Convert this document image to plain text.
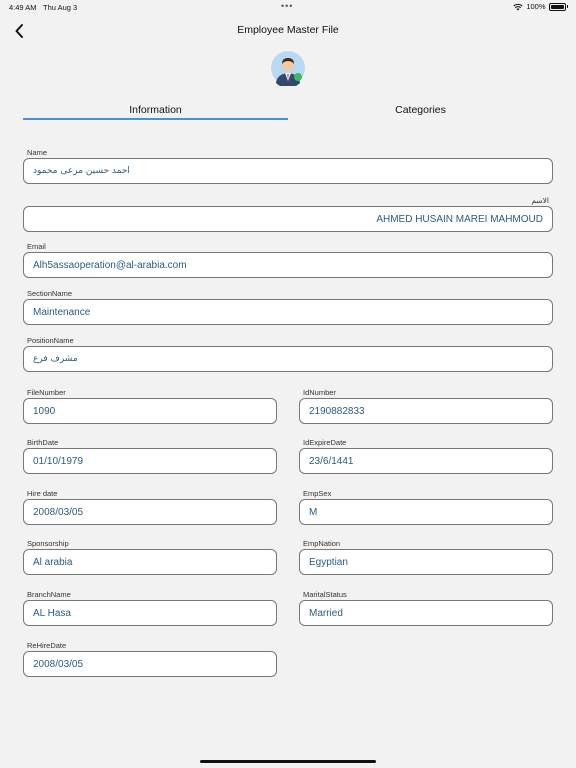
4:49 AM Thu Aug 3	•••	100%
Employee Master File
Information	Categories
Name
احمد حسين مرعى محمود
الاسم
AHMED HUSAIN MAREI MAHMOUD
Email
Alh5assaoperation@al-arabia.com
SectionName
Maintenance
PositionName
مشرف فرع
FileNumber
1090
IdNumber
2190882833
BirthDate
01/10/1979
IdExpireDate
23/6/1441
Hire date
2008/03/05
EmpSex
M
Sponsorship
Al arabia
EmpNation
Egyptian
BranchName
AL Hasa
MaritalStatus
Married
ReHireDate
2008/03/05
